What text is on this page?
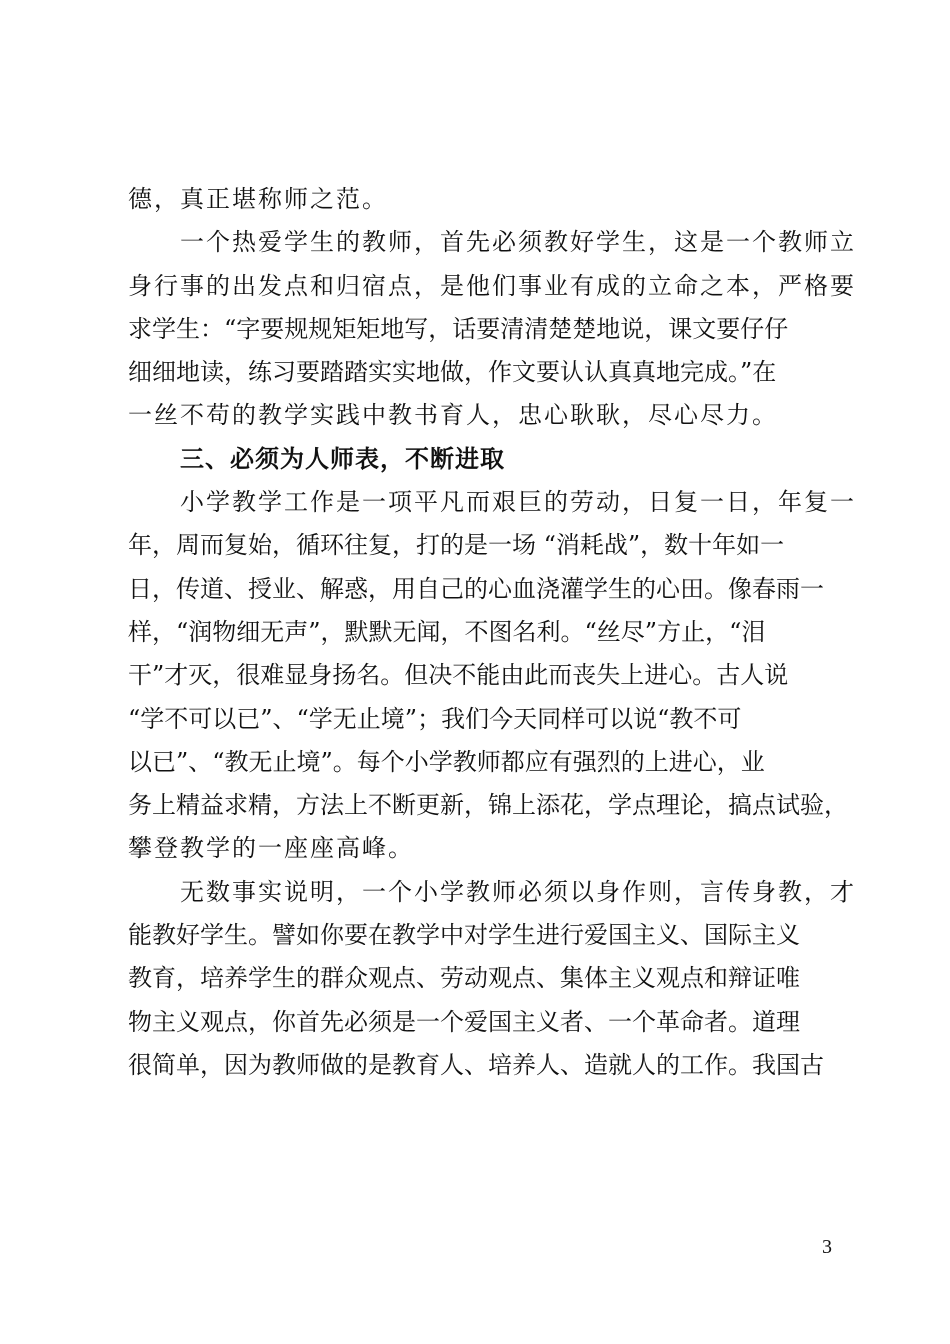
德，真正堪称师之范。
一个热爱学生的教师，首先必须教好学生，这是一个教师立
身行事的出发点和归宿点，是他们事业有成的立命之本，严格要
求学生：“字要规规矩矩地写，话要清清楚楚地说，课文要仔仔
细细地读，练习要踏踏实实地做，作文要认认真真地完成。”在
一丝不苟的教学实践中教书育人，忠心耿耿，尽心尽力。
三、必须为人师表，不断进取
小学教学工作是一项平凡而艰巨的劳动，日复一日，年复一
年，周而复始，循环往复，打的是一场 “消耗战”，数十年如一
日，传道、授业、解惑，用自己的心血浇灌学生的心田。像春雨一
样，“润物细无声”，默默无闻，不图名利。“丝尽”方止，“泪
干”才灭，很难显身扬名。但决不能由此而丧失上进心。古人说
“学不可以已”、“学无止境”；我们今天同样可以说“教不可
以已”、“教无止境”。每个小学教师都应有强烈的上进心，业
务上精益求精，方法上不断更新，锦上添花，学点理论，搞点试验，
攀登教学的一座座高峰。
无数事实说明，一个小学教师必须以身作则，言传身教，才
能教好学生。譬如你要在教学中对学生进行爱国主义、国际主义
教育，培养学生的群众观点、劳动观点、集体主义观点和辩证唯
物主义观点，你首先必须是一个爱国主义者、一个革命者。道理
很简单，因为教师做的是教育人、培养人、造就人的工作。我国古
3
